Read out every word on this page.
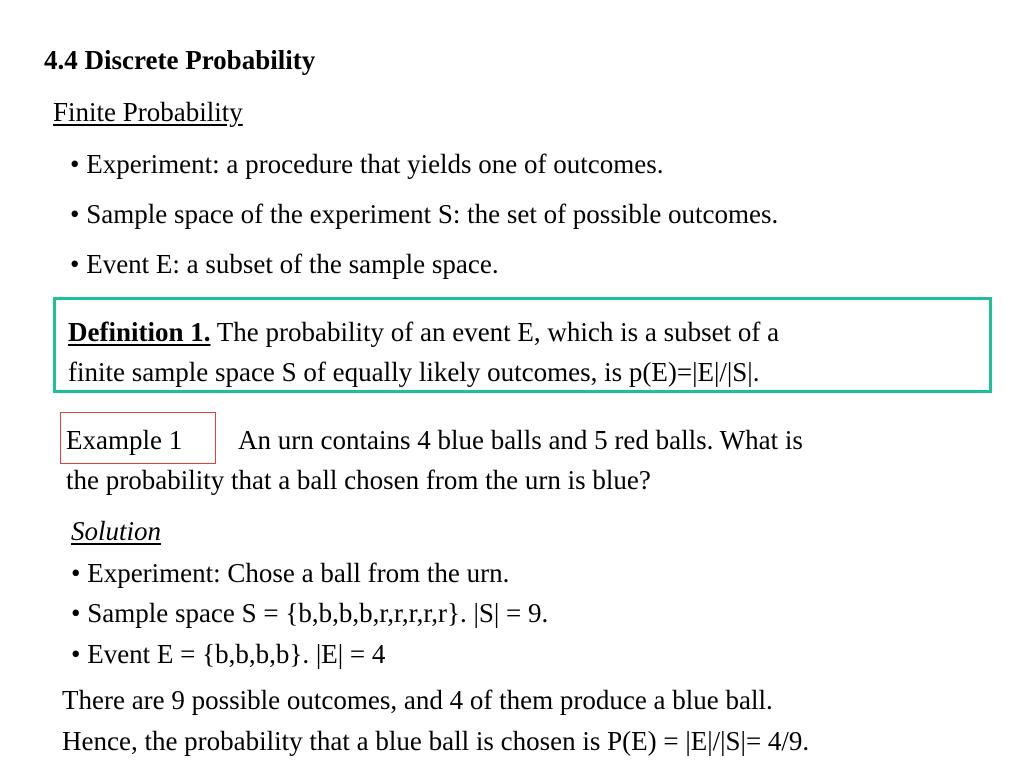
4.4 Discrete Probability
Finite Probability
• Experiment: a procedure that yields one of outcomes.
• Sample space of the experiment S: the set of possible outcomes.
• Event E: a subset of the sample space.
Definition 1. The probability of an event E, which is a subset of a
finite sample space S of equally likely outcomes, is p(E)=|E|/|S|.
Example 1 An urn contains 4 blue balls and 5 red balls. What is
the probability that a ball chosen from the urn is blue?
Solution
• Experiment: Chose a ball from the urn.
• Sample space S = {b,b,b,b,r,r,r,r,r}. |S| = 9.
• Event E = {b,b,b,b}. |E| = 4
There are 9 possible outcomes, and 4 of them produce a blue ball.
Hence, the probability that a blue ball is chosen is P(E) = |E|/|S|= 4/9.
